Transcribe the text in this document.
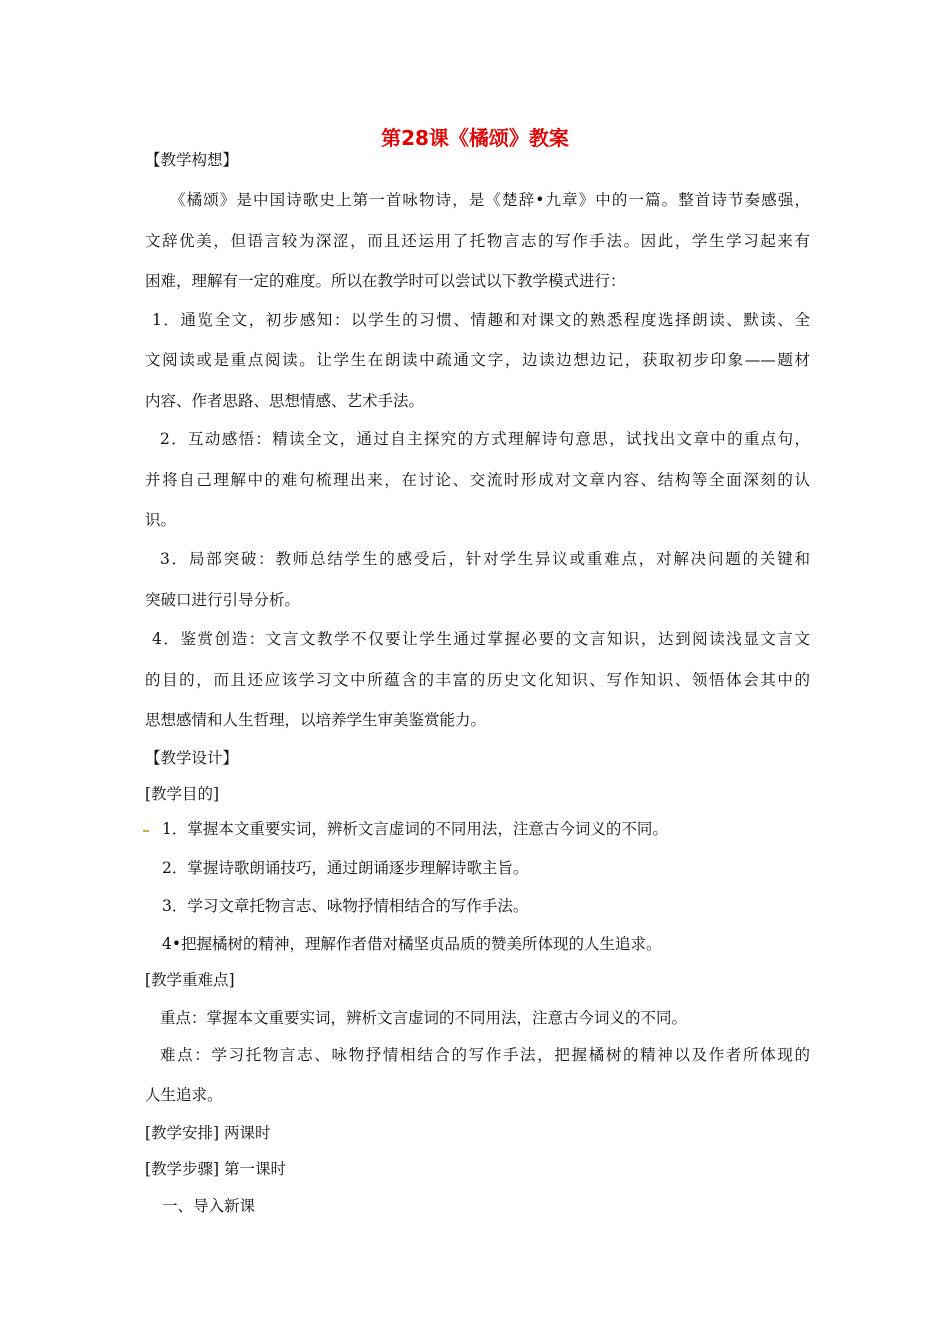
第28课《橘颂》教案
【教学构想】
《橘颂》是中国诗歌史上第一首咏物诗，是《楚辞•九章》中的一篇。整首诗节奏感强，
文辞优美，但语言较为深涩，而且还运用了托物言志的写作手法。因此，学生学习起来有
困难，理解有一定的难度。所以在教学时可以尝试以下教学模式进行：
1．通览全文，初步感知：以学生的习惯、情趣和对课文的熟悉程度选择朗读、默读、全
文阅读或是重点阅读。让学生在朗读中疏通文字，边读边想边记，获取初步印象——题材
内容、作者思路、思想情感、艺术手法。
2．互动感悟：精读全文，通过自主探究的方式理解诗句意思，试找出文章中的重点句，
并将自己理解中的难句梳理出来，在讨论、交流时形成对文章内容、结构等全面深刻的认
识。
3．局部突破：教师总结学生的感受后，针对学生异议或重难点，对解决问题的关键和
突破口进行引导分析。
4．鉴赏创造：文言文教学不仅要让学生通过掌握必要的文言知识，达到阅读浅显文言文
的目的，而且还应该学习文中所蕴含的丰富的历史文化知识、写作知识、领悟体会其中的
思想感情和人生哲理，以培养学生审美鉴赏能力。
【教学设计】
[教学目的]
1．掌握本文重要实词，辨析文言虚词的不同用法，注意古今词义的不同。
2．掌握诗歌朗诵技巧，通过朗诵逐步理解诗歌主旨。
3．学习文章托物言志、咏物抒情相结合的写作手法。
4•把握橘树的精神，理解作者借对橘坚贞品质的赞美所体现的人生追求。
[教学重难点]
重点：掌握本文重要实词，辨析文言虚词的不同用法，注意古今词义的不同。
难点：学习托物言志、咏物抒情相结合的写作手法，把握橘树的精神以及作者所体现的
人生追求。
[教学安排] 两课时
[教学步骤] 第一课时
一、导入新课
